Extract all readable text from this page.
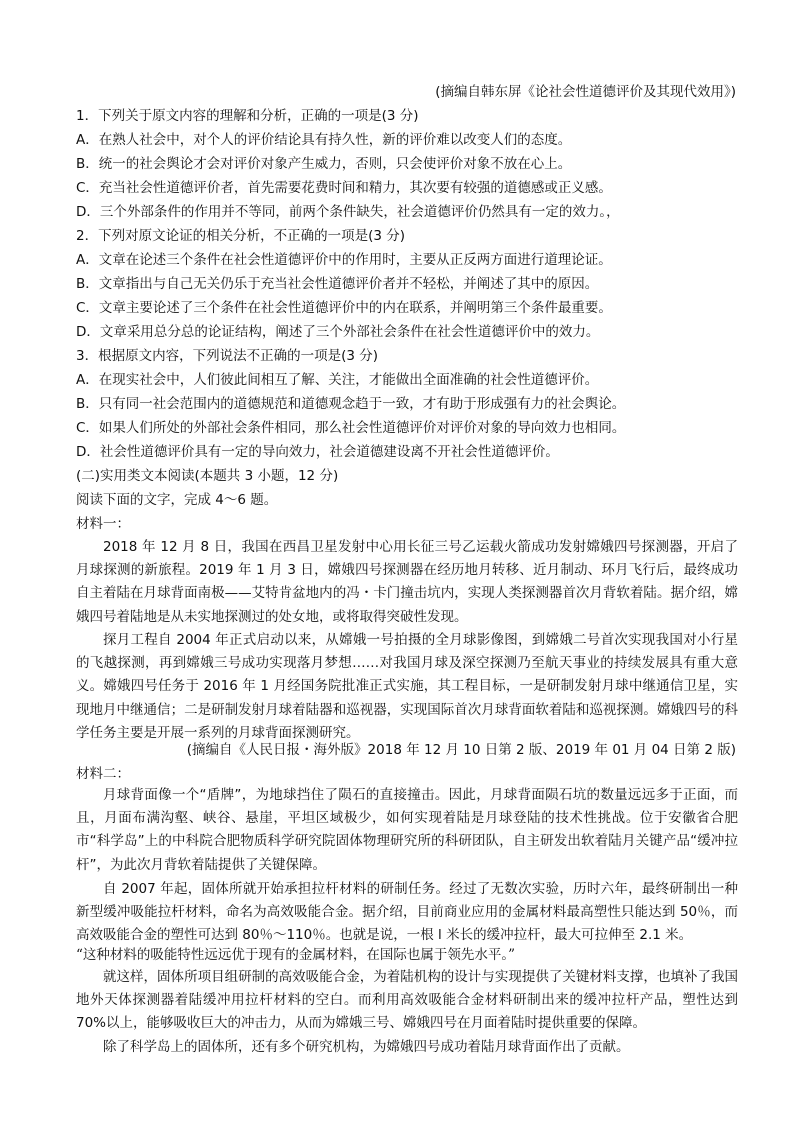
(摘编自韩东屏《论社会性道德评价及其现代效用》)
1．下列关于原文内容的理解和分析，正确的一项是(3 分)
A．在熟人社会中，对个人的评价结论具有持久性，新的评价难以改变人们的态度。
B．统一的社会舆论才会对评价对象产生威力，否则，只会使评价对象不放在心上。
C．充当社会性道德评价者，首先需要花费时间和精力，其次要有较强的道德感或正义感。
D．三个外部条件的作用并不等同，前两个条件缺失，社会道德评价仍然具有一定的效力。，
2．下列对原文论证的相关分析，不正确的一项是(3 分)
A．文章在论述三个条件在社会性道德评价中的作用时，主要从正反两方面进行道理论证。
B．文章指出与自己无关仍乐于充当社会性道德评价者并不轻松，并阐述了其中的原因。
C．文章主要论述了三个条件在社会性道德评价中的内在联系，并阐明第三个条件最重要。
D．文章采用总分总的论证结构，阐述了三个外部社会条件在社会性道德评价中的效力。
3．根据原文内容，下列说法不正确的一项是(3 分)
A．在现实社会中，人们彼此间相互了解、关注，才能做出全面准确的社会性道德评价。
B．只有同一社会范围内的道德规范和道德观念趋于一致，才有助于形成强有力的社会舆论。
C．如果人们所处的外部社会条件相同，那么社会性道德评价对评价对象的导向效力也相同。
D．社会性道德评价具有一定的导向效力，社会道德建设离不开社会性道德评价。
(二)实用类文本阅读(本题共 3 小题，12 分)
阅读下面的文字，完成 4～6 题。
材料一：
2018 年 12 月 8 日，我国在西昌卫星发射中心用长征三号乙运载火箭成功发射嫦娥四号探测器，开启了月球探测的新旅程。2019 年 1 月 3 日，嫦娥四号探测器在经历地月转移、近月制动、环月飞行后，最终成功自主着陆在月球背面南极——艾特肯盆地内的冯・卡门撞击坑内，实现人类探测器首次月背软着陆。据介绍，嫦娥四号着陆地是从未实地探测过的处女地，或将取得突破性发现。
探月工程自 2004 年正式启动以来，从嫦娥一号拍摄的全月球影像图，到嫦娥二号首次实现我国对小行星的飞越探测，再到嫦娥三号成功实现落月梦想……对我国月球及深空探测乃至航天事业的持续发展具有重大意义。嫦娥四号任务于 2016 年 1 月经国务院批准正式实施，其工程目标，一是研制发射月球中继通信卫星，实现地月中继通信；二是研制发射月球着陆器和巡视器，实现国际首次月球背面软着陆和巡视探测。嫦娥四号的科学任务主要是开展一系列的月球背面探测研究。
(摘编自《人民日报・海外版》2018 年 12 月 10 日第 2 版、2019 年 01 月 04 日第 2 版)
材料二：
月球背面像一个“盾牌”，为地球挡住了陨石的直接撞击。因此，月球背面陨石坑的数量远远多于正面，而且，月面布满沟壑、峡谷、悬崖，平坦区域极少，如何实现着陆是月球登陆的技术性挑战。位于安徽省合肥市“科学岛”上的中科院合肥物质科学研究院固体物理研究所的科研团队，自主研发出软着陆月关键产品“缓冲拉杆”，为此次月背软着陆提供了关键保障。
自 2007 年起，固体所就开始承担拉杆材料的研制任务。经过了无数次实验，历时六年，最终研制出一种新型缓冲吸能拉杆材料，命名为高效吸能合金。据介绍，目前商业应用的金属材料最高塑性只能达到 50％，而高效吸能合金的塑性可达到 80％～110％。也就是说，一根 l 米长的缓冲拉杆，最大可拉伸至 2.1 米。
“这种材料的吸能特性远远优于现有的金属材料，在国际也属于领先水平。”
就这样，固体所项目组研制的高效吸能合金，为着陆机构的设计与实现提供了关键材料支撑，也填补了我国地外天体探测器着陆缓冲用拉杆材料的空白。而利用高效吸能合金材料研制出来的缓冲拉杆产品，塑性达到 70%以上，能够吸收巨大的冲击力，从而为嫦娥三号、嫦娥四号在月面着陆时提供重要的保障。
除了科学岛上的固体所，还有多个研究机构，为嫦娥四号成功着陆月球背面作出了贡献。
